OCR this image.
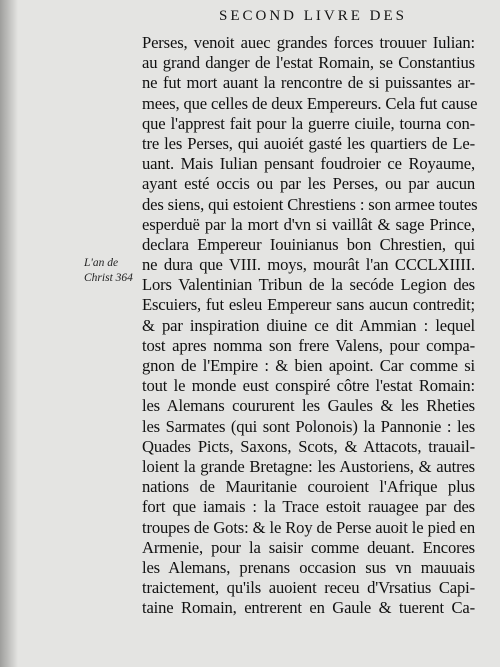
SECOND LIVRE DES
L'an de
Christ 364
Perses, venoit auec grandes forces trouuer Iulian:
au grand danger de l'estat Romain, se Constantius
ne fut mort auant la rencontre de si puissantes ar-
mees, que celles de deux Empereurs. Cela fut cause
que l'apprest fait pour la guerre ciuile, tourna con-
tre les Perses, qui auoiét gasté les quartiers de Le-
uant. Mais Iulian pensant foudroier ce Royaume,
ayant esté occis ou par les Perses, ou par aucun
des siens, qui estoient Chrestiens : son armee toutes
esperduë par la mort d'vn si vaillât & sage Prince,
declara Empereur Iouinianus bon Chrestien, qui
ne dura que VIII. moys, mourât l'an CCCLXIIII.
Lors Valentinian Tribun de la secóde Legion des
Escuiers, fut esleu Empereur sans aucun contredit;
& par inspiration diuine ce dit Ammian : lequel
tost apres nomma son frere Valens, pour compa-
gnon de l'Empire : & bien apoint. Car comme si
tout le monde eust conspiré côtre l'estat Romain:
les Alemans coururent les Gaules & les Rheties
les Sarmates (qui sont Polonois) la Pannonie : les
Quades Picts, Saxons, Scots, & Attacots, trauail-
loient la grande Bretagne: les Austoriens, & autres
nations de Mauritanie couroient l'Afrique plus
fort que iamais : la Trace estoit rauagee par des
troupes de Gots: & le Roy de Perse auoit le pied en
Armenie, pour la saisir comme deuant. Encores
les Alemans, prenans occasion sus vn mauuais
traictement, qu'ils auoient receu d'Vrsatius Capi-
taine Romain, entrerent en Gaule & tuerent Ca-
